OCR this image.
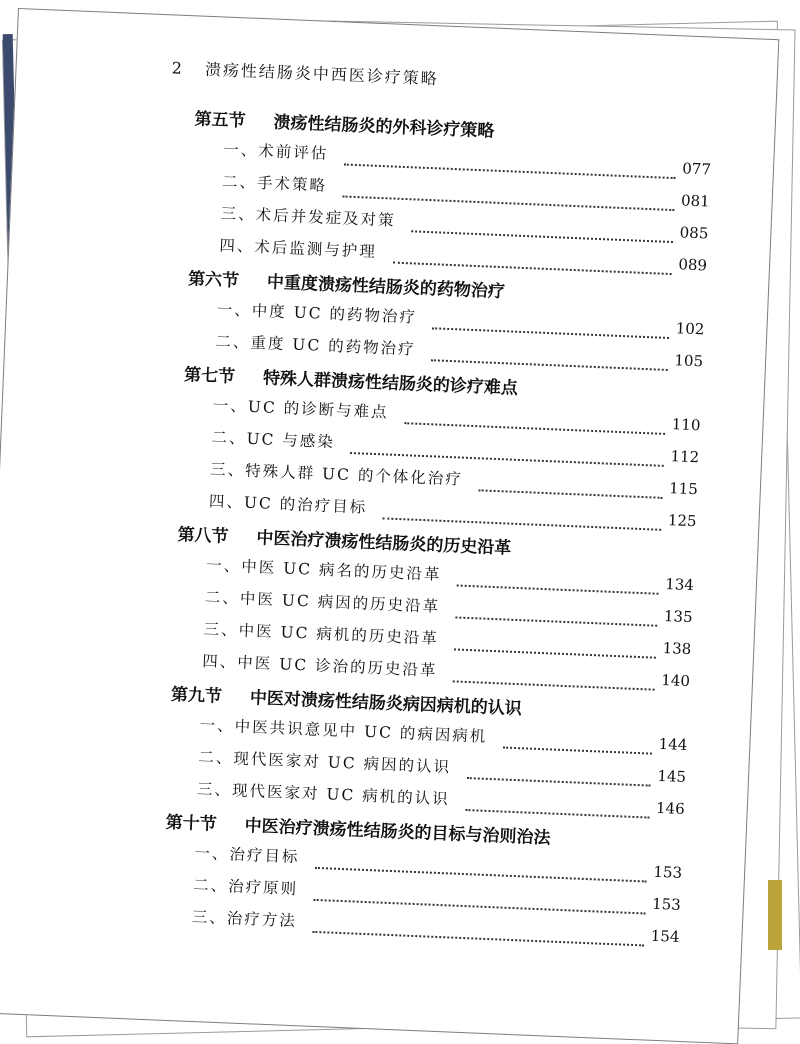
2 溃疡性结肠炎中西医诊疗策略
第五节 溃疡性结肠炎的外科诊疗策略
一、术前评估
077
二、手术策略
081
三、术后并发症及对策
085
四、术后监测与护理
089
第六节 中重度溃疡性结肠炎的药物治疗
一、中度 UC 的药物治疗
102
二、重度 UC 的药物治疗
105
第七节 特殊人群溃疡性结肠炎的诊疗难点
一、UC 的诊断与难点
110
二、UC 与感染
112
三、特殊人群 UC 的个体化治疗
115
四、UC 的治疗目标
125
第八节 中医治疗溃疡性结肠炎的历史沿革
一、中医 UC 病名的历史沿革
134
二、中医 UC 病因的历史沿革
135
三、中医 UC 病机的历史沿革
138
四、中医 UC 诊治的历史沿革
140
第九节 中医对溃疡性结肠炎病因病机的认识
一、中医共识意见中 UC 的病因病机	144
二、现代医家对 UC 病因的认识
145
三、现代医家对 UC 病机的认识
146
第十节 中医治疗溃疡性结肠炎的目标与治则治法
一、治疗目标
153
二、治疗原则
153
三、治疗方法
154
